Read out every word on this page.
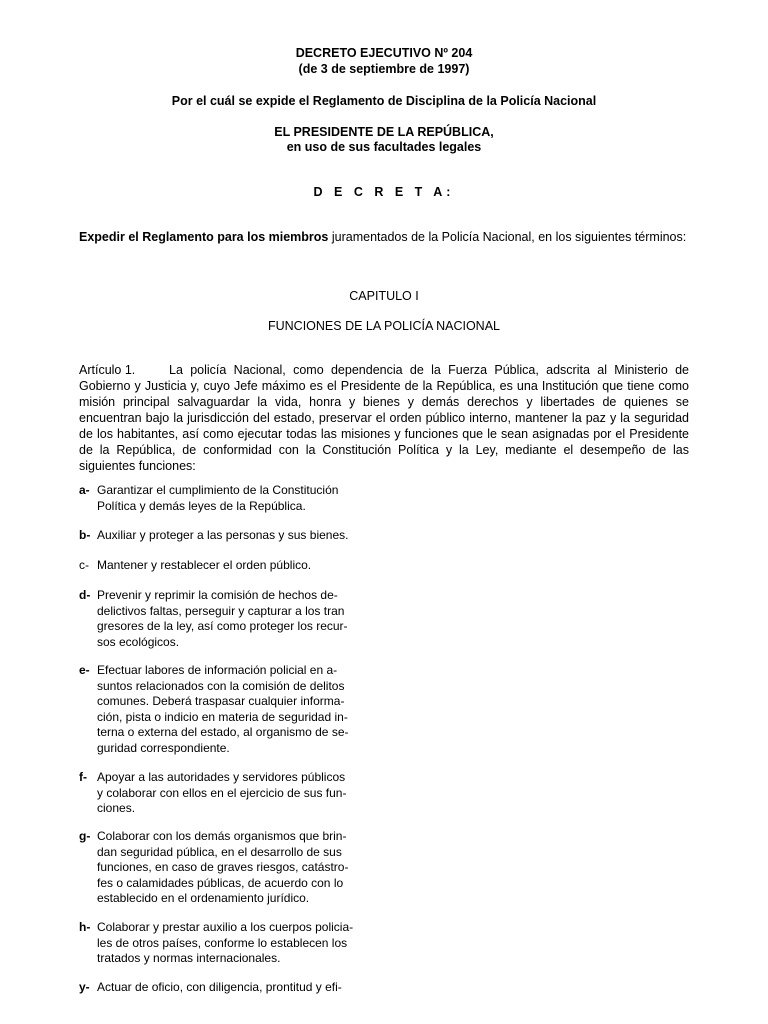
DECRETO EJECUTIVO Nº 204
(de 3 de septiembre de 1997)
Por el cuál se expide el Reglamento de Disciplina de la Policía Nacional
EL PRESIDENTE DE LA REPÚBLICA,
en uso de sus facultades legales
D E C R E T A:
Expedir el Reglamento para los miembros juramentados de la Policía Nacional, en los siguientes términos:
CAPITULO I
FUNCIONES DE LA POLICÍA NACIONAL
Artículo 1.	La policía Nacional, como dependencia de la Fuerza Pública, adscrita al Ministerio de Gobierno y Justicia y, cuyo Jefe máximo es el Presidente de la República, es una Institución que tiene como misión principal salvaguardar la vida, honra y bienes y demás derechos y libertades de quienes se encuentran bajo la jurisdicción del estado, preservar el orden público interno, mantener la paz y la seguridad de los habitantes, así como ejecutar todas las misiones y funciones que le sean asignadas por el Presidente de la República, de conformidad con la Constitución Política y la Ley, mediante el desempeño de las siguientes funciones:
a- Garantizar el cumplimiento de la Constitución
Política y demás leyes de la República.
b- Auxiliar y proteger a las personas y sus bienes.
c- Mantener y restablecer el orden público.
d- Prevenir y reprimir la comisión de hechos de-
delictivos faltas, perseguir y capturar a los tran
gresores de la ley, así como proteger los recur-
sos ecológicos.
e- Efectuar labores de información policial en a-
suntos relacionados con la comisión de delitos
comunes. Deberá traspasar cualquier informa-
ción, pista o indicio en materia de seguridad in-
terna o externa del estado, al organismo de se-
guridad correspondiente.
f- Apoyar a las autoridades y servidores públicos
y colaborar con ellos en el ejercicio de sus fun-
ciones.
g- Colaborar con los demás organismos que brin-
dan seguridad pública, en el desarrollo de sus
funciones, en caso de graves riesgos, catástro-
fes o calamidades públicas, de acuerdo con lo
establecido en el ordenamiento jurídico.
h- Colaborar y prestar auxilio a los cuerpos policia-
les de otros países, conforme lo establecen los
tratados y normas internacionales.
y- Actuar de oficio, con diligencia, prontitud y efi-
